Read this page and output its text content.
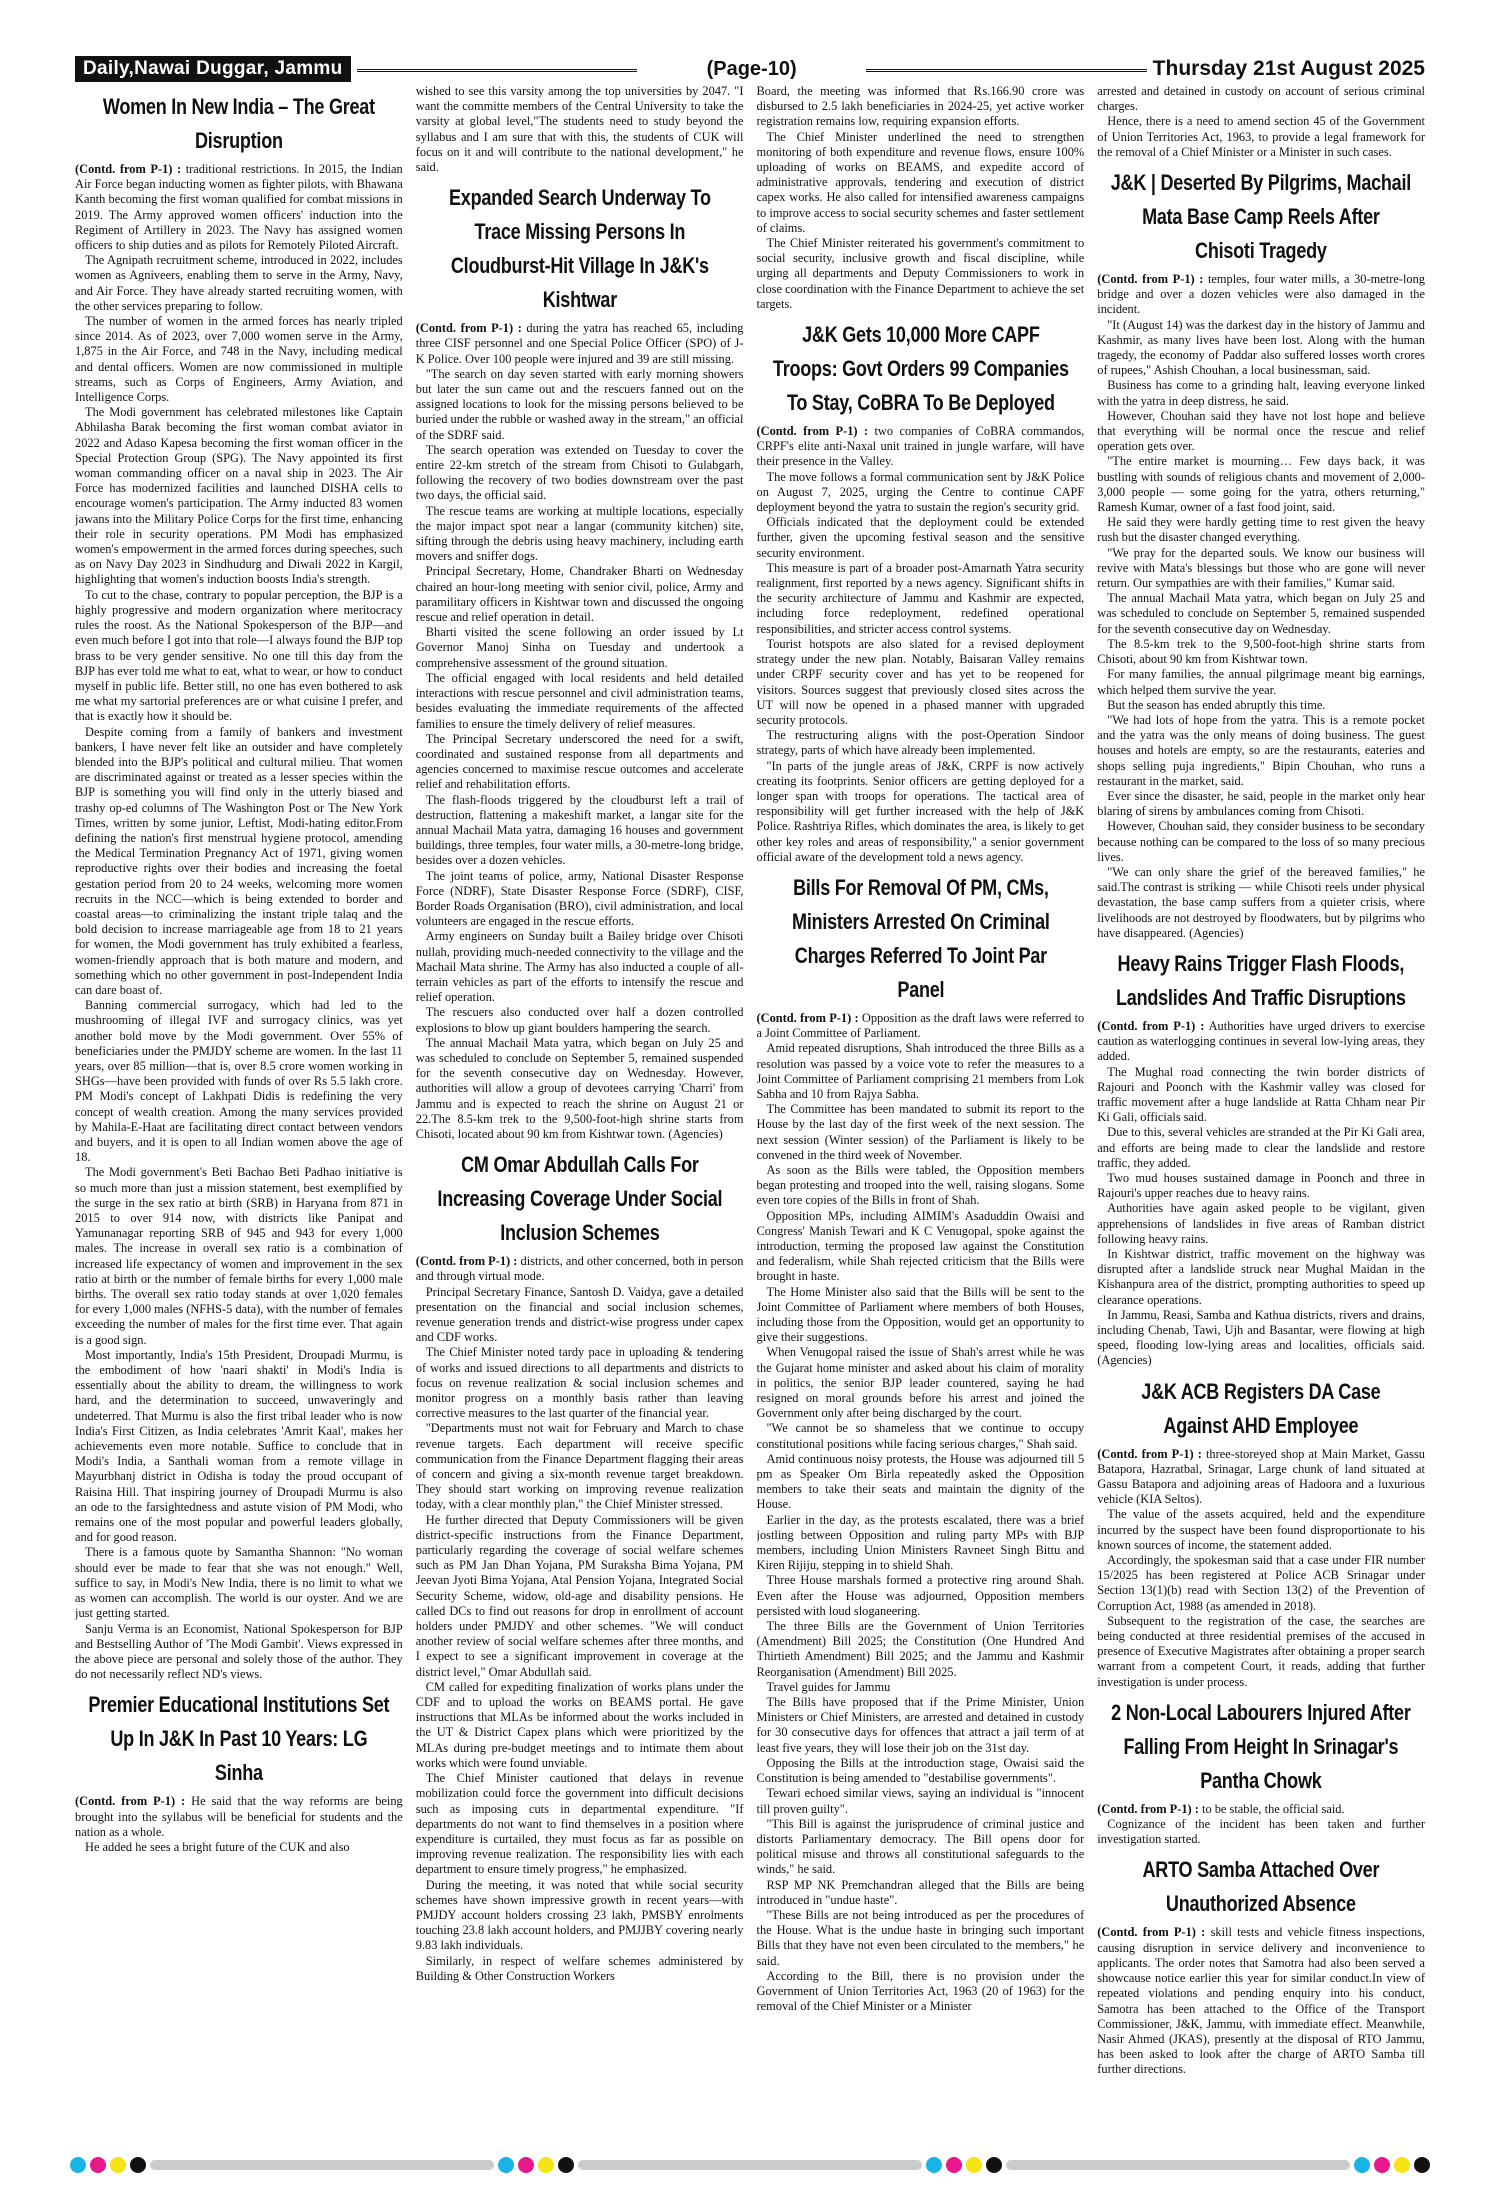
Daily,Nawai Duggar, Jammu	(Page-10)	Thursday 21st August 2025
Women In New India – The Great Disruption

(Contd. from P-1) : traditional restrictions. In 2015, the Indian Air Force began inducting women as fighter pilots, with Bhawana Kanth becoming the first woman qualified for combat missions in 2019. The Army approved women officers' induction into the Regiment of Artillery in 2023. The Navy has assigned women officers to ship duties and as pilots for Remotely Piloted Aircraft.

The Agnipath recruitment scheme, introduced in 2022, includes women as Agniveers, enabling them to serve in the Army, Navy, and Air Force. They have already started recruiting women, with the other services preparing to follow.

The number of women in the armed forces has nearly tripled since 2014. As of 2023, over 7,000 women serve in the Army, 1,875 in the Air Force, and 748 in the Navy, including medical and dental officers. Women are now commissioned in multiple streams, such as Corps of Engineers, Army Aviation, and Intelligence Corps.

The Modi government has celebrated milestones like Captain Abhilasha Barak becoming the first woman combat aviator in 2022 and Adaso Kapesa becoming the first woman officer in the Special Protection Group (SPG). The Navy appointed its first woman commanding officer on a naval ship in 2023. The Air Force has modernized facilities and launched DISHA cells to encourage women's participation. The Army inducted 83 women jawans into the Military Police Corps for the first time, enhancing their role in security operations. PM Modi has emphasized women's empowerment in the armed forces during speeches, such as on Navy Day 2023 in Sindhudurg and Diwali 2022 in Kargil, highlighting that women's induction boosts India's strength.

To cut to the chase, contrary to popular perception, the BJP is a highly progressive and modern organization where meritocracy rules the roost. As the National Spokesperson of the BJP—and even much before I got into that role—I always found the BJP top brass to be very gender sensitive. No one till this day from the BJP has ever told me what to eat, what to wear, or how to conduct myself in public life. Better still, no one has even bothered to ask me what my sartorial preferences are or what cuisine I prefer, and that is exactly how it should be.

Despite coming from a family of bankers and investment bankers, I have never felt like an outsider and have completely blended into the BJP's political and cultural milieu. That women are discriminated against or treated as a lesser species within the BJP is something you will find only in the utterly biased and trashy op-ed columns of The Washington Post or The New York Times, written by some junior, Leftist, Modi-hating editor.From defining the nation's first menstrual hygiene protocol, amending the Medical Termination Pregnancy Act of 1971, giving women reproductive rights over their bodies and increasing the foetal gestation period from 20 to 24 weeks, welcoming more women recruits in the NCC—which is being extended to border and coastal areas—to criminalizing the instant triple talaq and the bold decision to increase marriageable age from 18 to 21 years for women, the Modi government has truly exhibited a fearless, women-friendly approach that is both mature and modern, and something which no other government in post-Independent India can dare boast of.

Banning commercial surrogacy, which had led to the mushrooming of illegal IVF and surrogacy clinics, was yet another bold move by the Modi government. Over 55% of beneficiaries under the PMJDY scheme are women. In the last 11 years, over 85 million—that is, over 8.5 crore women working in SHGs—have been provided with funds of over Rs 5.5 lakh crore. PM Modi's concept of Lakhpati Didis is redefining the very concept of wealth creation. Among the many services provided by Mahila-E-Haat are facilitating direct contact between vendors and buyers, and it is open to all Indian women above the age of 18.

The Modi government's Beti Bachao Beti Padhao initiative is so much more than just a mission statement, best exemplified by the surge in the sex ratio at birth (SRB) in Haryana from 871 in 2015 to over 914 now, with districts like Panipat and Yamunanagar reporting SRB of 945 and 943 for every 1,000 males. The increase in overall sex ratio is a combination of increased life expectancy of women and improvement in the sex ratio at birth or the number of female births for every 1,000 male births. The overall sex ratio today stands at over 1,020 females for every 1,000 males (NFHS-5 data), with the number of females exceeding the number of males for the first time ever. That again is a good sign.

Most importantly, India's 15th President, Droupadi Murmu, is the embodiment of how 'naari shakti' in Modi's India is essentially about the ability to dream, the willingness to work hard, and the determination to succeed, unwaveringly and undeterred. That Murmu is also the first tribal leader who is now India's First Citizen, as India celebrates 'Amrit Kaal', makes her achievements even more notable. Suffice to conclude that in Modi's India, a Santhali woman from a remote village in Mayurbhanj district in Odisha is today the proud occupant of Raisina Hill. That inspiring journey of Droupadi Murmu is also an ode to the farsightedness and astute vision of PM Modi, who remains one of the most popular and powerful leaders globally, and for good reason.

There is a famous quote by Samantha Shannon: "No woman should ever be made to fear that she was not enough." Well, suffice to say, in Modi's New India, there is no limit to what we as women can accomplish. The world is our oyster. And we are just getting started.

Sanju Verma is an Economist, National Spokesperson for BJP and Bestselling Author of 'The Modi Gambit'. Views expressed in the above piece are personal and solely those of the author. They do not necessarily reflect ND's views.

Premier Educational Institutions Set Up In J&K In Past 10 Years: LG Sinha

(Contd. from P-1) : He said that the way reforms are being brought into the syllabus will be beneficial for students and the nation as a whole.

He added he sees a bright future of the CUK and also

wished to see this varsity among the top universities by 2047. "I want the committe members of the Central University to take the varsity at global level,"The students need to study beyond the syllabus and I am sure that with this, the students of CUK will focus on it and will contribute to the national development," he said.

Expanded Search Underway To Trace Missing Persons In Cloudburst-Hit Village In J&K's Kishtwar

(Contd. from P-1) : during the yatra has reached 65, including three CISF personnel and one Special Police Officer (SPO) of J-K Police. Over 100 people were injured and 39 are still missing.

"The search on day seven started with early morning showers but later the sun came out and the rescuers fanned out on the assigned locations to look for the missing persons believed to be buried under the rubble or washed away in the stream," an official of the SDRF said.

The search operation was extended on Tuesday to cover the entire 22-km stretch of the stream from Chisoti to Gulabgarh, following the recovery of two bodies downstream over the past two days, the official said.

The rescue teams are working at multiple locations, especially the major impact spot near a langar (community kitchen) site, sifting through the debris using heavy machinery, including earth movers and sniffer dogs.

Principal Secretary, Home, Chandraker Bharti on Wednesday chaired an hour-long meeting with senior civil, police, Army and paramilitary officers in Kishtwar town and discussed the ongoing rescue and relief operation in detail.

Bharti visited the scene following an order issued by Lt Governor Manoj Sinha on Tuesday and undertook a comprehensive assessment of the ground situation.

The official engaged with local residents and held detailed interactions with rescue personnel and civil administration teams, besides evaluating the immediate requirements of the affected families to ensure the timely delivery of relief measures.

The Principal Secretary underscored the need for a swift, coordinated and sustained response from all departments and agencies concerned to maximise rescue outcomes and accelerate relief and rehabilitation efforts.

The flash-floods triggered by the cloudburst left a trail of destruction, flattening a makeshift market, a langar site for the annual Machail Mata yatra, damaging 16 houses and government buildings, three temples, four water mills, a 30-metre-long bridge, besides over a dozen vehicles.

The joint teams of police, army, National Disaster Response Force (NDRF), State Disaster Response Force (SDRF), CISF, Border Roads Organisation (BRO), civil administration, and local volunteers are engaged in the rescue efforts.

Army engineers on Sunday built a Bailey bridge over Chisoti nullah, providing much-needed connectivity to the village and the Machail Mata shrine. The Army has also inducted a couple of all-terrain vehicles as part of the efforts to intensify the rescue and relief operation.

The rescuers also conducted over half a dozen controlled explosions to blow up giant boulders hampering the search.

The annual Machail Mata yatra, which began on July 25 and was scheduled to conclude on September 5, remained suspended for the seventh consecutive day on Wednesday. However, authorities will allow a group of devotees carrying 'Charri' from Jammu and is expected to reach the shrine on August 21 or 22.The 8.5-km trek to the 9,500-foot-high shrine starts from Chisoti, located about 90 km from Kishtwar town. (Agencies)

CM Omar Abdullah Calls For Increasing Coverage Under Social Inclusion Schemes

(Contd. from P-1) : districts, and other concerned, both in person and through virtual mode.

Principal Secretary Finance, Santosh D. Vaidya, gave a detailed presentation on the financial and social inclusion schemes, revenue generation trends and district-wise progress under capex and CDF works.

The Chief Minister noted tardy pace in uploading & tendering of works and issued directions to all departments and districts to focus on revenue realization & social inclusion schemes and monitor progress on a monthly basis rather than leaving corrective measures to the last quarter of the financial year.

"Departments must not wait for February and March to chase revenue targets. Each department will receive specific communication from the Finance Department flagging their areas of concern and giving a six-month revenue target breakdown. They should start working on improving revenue realization today, with a clear monthly plan," the Chief Minister stressed.

He further directed that Deputy Commissioners will be given district-specific instructions from the Finance Department, particularly regarding the coverage of social welfare schemes such as PM Jan Dhan Yojana, PM Suraksha Bima Yojana, PM Jeevan Jyoti Bima Yojana, Atal Pension Yojana, Integrated Social Security Scheme, widow, old-age and disability pensions. He called DCs to find out reasons for drop in enrollment of account holders under PMJDY and other schemes. "We will conduct another review of social welfare schemes after three months, and I expect to see a significant improvement in coverage at the district level," Omar Abdullah said.

CM called for expediting finalization of works plans under the CDF and to upload the works on BEAMS portal. He gave instructions that MLAs be informed about the works included in the UT & District Capex plans which were prioritized by the MLAs during pre-budget meetings and to intimate them about works which were found unviable.

The Chief Minister cautioned that delays in revenue mobilization could force the government into difficult decisions such as imposing cuts in departmental expenditure. "If departments do not want to find themselves in a position where expenditure is curtailed, they must focus as far as possible on improving revenue realization. The responsibility lies with each department to ensure timely progress," he emphasized.

During the meeting, it was noted that while social security schemes have shown impressive growth in recent years—with PMJDY account holders crossing 23 lakh, PMSBY enrolments touching 23.8 lakh account holders, and PMJJBY covering nearly 9.83 lakh individuals.

Similarly, in respect of welfare schemes administered by Building & Other Construction Workers

Board, the meeting was informed that ₨.166.90 crore was disbursed to 2.5 lakh beneficiaries in 2024-25, yet active worker registration remains low, requiring expansion efforts.

The Chief Minister underlined the need to strengthen monitoring of both expenditure and revenue flows, ensure 100% uploading of works on BEAMS, and expedite accord of administrative approvals, tendering and execution of district capex works. He also called for intensified awareness campaigns to improve access to social security schemes and faster settlement of claims.

The Chief Minister reiterated his government's commitment to social security, inclusive growth and fiscal discipline, while urging all departments and Deputy Commissioners to work in close coordination with the Finance Department to achieve the set targets.

J&K Gets 10,000 More CAPF Troops: Govt Orders 99 Companies To Stay, CoBRA To Be Deployed

(Contd. from P-1) : two companies of CoBRA commandos, CRPF's elite anti-Naxal unit trained in jungle warfare, will have their presence in the Valley.

The move follows a formal communication sent by J&K Police on August 7, 2025, urging the Centre to continue CAPF deployment beyond the yatra to sustain the region's security grid.

Officials indicated that the deployment could be extended further, given the upcoming festival season and the sensitive security environment.

This measure is part of a broader post-Amarnath Yatra security realignment, first reported by a news agency. Significant shifts in the security architecture of Jammu and Kashmir are expected, including force redeployment, redefined operational responsibilities, and stricter access control systems.

Tourist hotspots are also slated for a revised deployment strategy under the new plan. Notably, Baisaran Valley remains under CRPF security cover and has yet to be reopened for visitors. Sources suggest that previously closed sites across the UT will now be opened in a phased manner with upgraded security protocols.

The restructuring aligns with the post-Operation Sindoor strategy, parts of which have already been implemented.

"In parts of the jungle areas of J&K, CRPF is now actively creating its footprints. Senior officers are getting deployed for a longer span with troops for operations. The tactical area of responsibility will get further increased with the help of J&K Police. Rashtriya Rifles, which dominates the area, is likely to get other key roles and areas of responsibility," a senior government official aware of the development told a news agency.

Bills For Removal Of PM, CMs, Ministers Arrested On Criminal Charges Referred To Joint Par Panel

(Contd. from P-1) : Opposition as the draft laws were referred to a Joint Committee of Parliament.

Amid repeated disruptions, Shah introduced the three Bills as a resolution was passed by a voice vote to refer the measures to a Joint Committee of Parliament comprising 21 members from Lok Sabha and 10 from Rajya Sabha.

The Committee has been mandated to submit its report to the House by the last day of the first week of the next session. The next session (Winter session) of the Parliament is likely to be convened in the third week of November.

As soon as the Bills were tabled, the Opposition members began protesting and trooped into the well, raising slogans. Some even tore copies of the Bills in front of Shah.

Opposition MPs, including AIMIM's Asaduddin Owaisi and Congress' Manish Tewari and K C Venugopal, spoke against the introduction, terming the proposed law against the Constitution and federalism, while Shah rejected criticism that the Bills were brought in haste.

The Home Minister also said that the Bills will be sent to the Joint Committee of Parliament where members of both Houses, including those from the Opposition, would get an opportunity to give their suggestions.

When Venugopal raised the issue of Shah's arrest while he was the Gujarat home minister and asked about his claim of morality in politics, the senior BJP leader countered, saying he had resigned on moral grounds before his arrest and joined the Government only after being discharged by the court.

"We cannot be so shameless that we continue to occupy constitutional positions while facing serious charges," Shah said.

Amid continuous noisy protests, the House was adjourned till 5 pm as Speaker Om Birla repeatedly asked the Opposition members to take their seats and maintain the dignity of the House.

Earlier in the day, as the protests escalated, there was a brief jostling between Opposition and ruling party MPs with BJP members, including Union Ministers Ravneet Singh Bittu and Kiren Rijiju, stepping in to shield Shah.

Three House marshals formed a protective ring around Shah. Even after the House was adjourned, Opposition members persisted with loud sloganeering.

The three Bills are the Government of Union Territories (Amendment) Bill 2025; the Constitution (One Hundred And Thirtieth Amendment) Bill 2025; and the Jammu and Kashmir Reorganisation (Amendment) Bill 2025.

Travel guides for Jammu

The Bills have proposed that if the Prime Minister, Union Ministers or Chief Ministers, are arrested and detained in custody for 30 consecutive days for offences that attract a jail term of at least five years, they will lose their job on the 31st day.

Opposing the Bills at the introduction stage, Owaisi said the Constitution is being amended to "destabilise governments".

Tewari echoed similar views, saying an individual is "innocent till proven guilty".

"This Bill is against the jurisprudence of criminal justice and distorts Parliamentary democracy. The Bill opens door for political misuse and throws all constitutional safeguards to the winds," he said.

RSP MP NK Premchandran alleged that the Bills are being introduced in "undue haste".

"These Bills are not being introduced as per the procedures of the House. What is the undue haste in bringing such important Bills that they have not even been circulated to the members," he said.

According to the Bill, there is no provision under the Government of Union Territories Act, 1963 (20 of 1963) for the removal of the Chief Minister or a Minister

arrested and detained in custody on account of serious criminal charges.

Hence, there is a need to amend section 45 of the Government of Union Territories Act, 1963, to provide a legal framework for the removal of a Chief Minister or a Minister in such cases.

J&K | Deserted By Pilgrims, Machail Mata Base Camp Reels After Chisoti Tragedy

(Contd. from P-1) : temples, four water mills, a 30-metre-long bridge and over a dozen vehicles were also damaged in the incident.

"It (August 14) was the darkest day in the history of Jammu and Kashmir, as many lives have been lost. Along with the human tragedy, the economy of Paddar also suffered losses worth crores of rupees," Ashish Chouhan, a local businessman, said.

Business has come to a grinding halt, leaving everyone linked with the yatra in deep distress, he said.

However, Chouhan said they have not lost hope and believe that everything will be normal once the rescue and relief operation gets over.

"The entire market is mourning… Few days back, it was bustling with sounds of religious chants and movement of 2,000-3,000 people — some going for the yatra, others returning," Ramesh Kumar, owner of a fast food joint, said.

He said they were hardly getting time to rest given the heavy rush but the disaster changed everything.

"We pray for the departed souls. We know our business will revive with Mata's blessings but those who are gone will never return. Our sympathies are with their families," Kumar said.

The annual Machail Mata yatra, which began on July 25 and was scheduled to conclude on September 5, remained suspended for the seventh consecutive day on Wednesday.

The 8.5-km trek to the 9,500-foot-high shrine starts from Chisoti, about 90 km from Kishtwar town.

For many families, the annual pilgrimage meant big earnings, which helped them survive the year.

But the season has ended abruptly this time.

"We had lots of hope from the yatra. This is a remote pocket and the yatra was the only means of doing business. The guest houses and hotels are empty, so are the restaurants, eateries and shops selling puja ingredients," Bipin Chouhan, who runs a restaurant in the market, said.

Ever since the disaster, he said, people in the market only hear blaring of sirens by ambulances coming from Chisoti.

However, Chouhan said, they consider business to be secondary because nothing can be compared to the loss of so many precious lives.

"We can only share the grief of the bereaved families," he said.The contrast is striking — while Chisoti reels under physical devastation, the base camp suffers from a quieter crisis, where livelihoods are not destroyed by floodwaters, but by pilgrims who have disappeared. (Agencies)

Heavy Rains Trigger Flash Floods, Landslides And Traffic Disruptions

(Contd. from P-1) : Authorities have urged drivers to exercise caution as waterlogging continues in several low-lying areas, they added.

The Mughal road connecting the twin border districts of Rajouri and Poonch with the Kashmir valley was closed for traffic movement after a huge landslide at Ratta Chham near Pir Ki Gali, officials said.

Due to this, several vehicles are stranded at the Pir Ki Gali area, and efforts are being made to clear the landslide and restore traffic, they added.

Two mud houses sustained damage in Poonch and three in Rajouri's upper reaches due to heavy rains.

Authorities have again asked people to be vigilant, given apprehensions of landslides in five areas of Ramban district following heavy rains.

In Kishtwar district, traffic movement on the highway was disrupted after a landslide struck near Mughal Maidan in the Kishanpura area of the district, prompting authorities to speed up clearance operations.

In Jammu, Reasi, Samba and Kathua districts, rivers and drains, including Chenab, Tawi, Ujh and Basantar, were flowing at high speed, flooding low-lying areas and localities, officials said. (Agencies)

J&K ACB Registers DA Case Against AHD Employee

(Contd. from P-1) : three-storeyed shop at Main Market, Gassu Batapora, Hazratbal, Srinagar, Large chunk of land situated at Gassu Batapora and adjoining areas of Hadoora and a luxurious vehicle (KIA Seltos).

The value of the assets acquired, held and the expenditure incurred by the suspect have been found disproportionate to his known sources of income, the statement added.

Accordingly, the spokesman said that a case under FIR number 15/2025 has been registered at Police ACB Srinagar under Section 13(1)(b) read with Section 13(2) of the Prevention of Corruption Act, 1988 (as amended in 2018).

Subsequent to the registration of the case, the searches are being conducted at three residential premises of the accused in presence of Executive Magistrates after obtaining a proper search warrant from a competent Court, it reads, adding that further investigation is under process.

2 Non-Local Labourers Injured After Falling From Height In Srinagar's Pantha Chowk

(Contd. from P-1) : to be stable, the official said.

Cognizance of the incident has been taken and further investigation started.

ARTO Samba Attached Over Unauthorized Absence

(Contd. from P-1) : skill tests and vehicle fitness inspections, causing disruption in service delivery and inconvenience to applicants. The order notes that Samotra had also been served a showcause notice earlier this year for similar conduct.In view of repeated violations and pending enquiry into his conduct, Samotra has been attached to the Office of the Transport Commissioner, J&K, Jammu, with immediate effect. Meanwhile, Nasir Ahmed (JKAS), presently at the disposal of RTO Jammu, has been asked to look after the charge of ARTO Samba till further directions.
